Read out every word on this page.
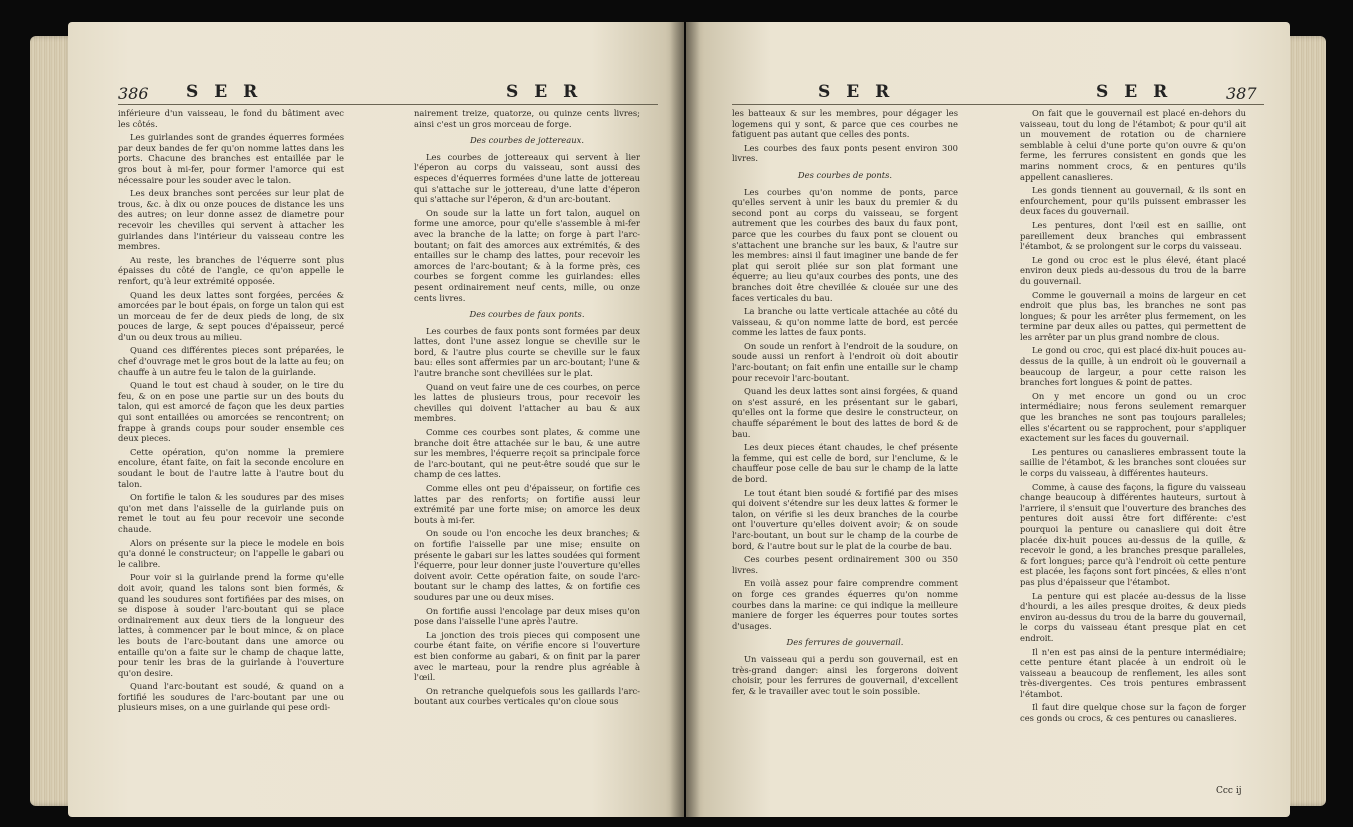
386 S E R	S E R

inférieure d'un vaisseau, le fond du bâtiment avec les côtés.

Les guirlandes sont de grandes équerres formées par deux bandes de fer qu'on nomme lattes dans les ports. Chacune des branches est entaillée par le gros bout à mi-fer, pour former l'amorce qui est nécessaire pour les souder avec le talon.

Les deux branches sont percées sur leur plat de trous, &c. à dix ou onze pouces de distance les uns des autres; on leur donne assez de diametre pour recevoir les chevilles qui servent à attacher les guirlandes dans l'intérieur du vaisseau contre les membres.

Au reste, les branches de l'équerre sont plus épaisses du côté de l'angle, ce qu'on appelle le renfort, qu'à leur extrémité opposée.

Quand les deux lattes sont forgées, percées & amorcées par le bout épais, on forge un talon qui est un morceau de fer de deux pieds de long, de six pouces de large, & sept pouces d'épaisseur, percé d'un ou deux trous au milieu.

Quand ces différentes pieces sont préparées, le chef d'ouvrage met le gros bout de la latte au feu; on chauffe à un autre feu le talon de la guirlande.

Quand le tout est chaud à souder, on le tire du feu, & on en pose une partie sur un des bouts du talon, qui est amorcé de façon que les deux parties qui sont entaillées ou amorcées se rencontrent; on frappe à grands coups pour souder ensemble ces deux pieces.

Cette opération, qu'on nomme la premiere encolure, étant faite, on fait la seconde encolure en soudant le bout de l'autre latte à l'autre bout du talon.

On fortifie le talon & les soudures par des mises qu'on met dans l'aisselle de la guirlande puis on remet le tout au feu pour recevoir une seconde chaude.

Alors on présente sur la piece le modele en bois qu'a donné le constructeur; on l'appelle le gabari ou le calibre.

Pour voir si la guirlande prend la forme qu'elle doit avoir, quand les talons sont bien formés, & quand les soudures sont fortifiées par des mises, on se dispose à souder l'arc-boutant qui se place ordinairement aux deux tiers de la longueur des lattes, à commencer par le bout mince, & on place les bouts de l'arc-boutant dans une amorce ou entaille qu'on a faite sur le champ de chaque latte, pour tenir les bras de la guirlande à l'ouverture qu'on desire.

Quand l'arc-boutant est soudé, & quand on a fortifié les soudures de l'arc-boutant par une ou plusieurs mises, on a une guirlande qui pese ordi-

nairement treize, quatorze, ou quinze cents livres; ainsi c'est un gros morceau de forge.

Des courbes de jottereaux.

Les courbes de jottereaux qui servent à lier l'éperon au corps du vaisseau, sont aussi des especes d'équerres formées d'une latte de jottereau qui s'attache sur le jottereau, d'une latte d'éperon qui s'attache sur l'éperon, & d'un arc-boutant.

On soude sur la latte un fort talon, auquel on forme une amorce, pour qu'elle s'assemble à mi-fer avec la branche de la latte; on forge à part l'arc-boutant; on fait des amorces aux extrémités, & des entailles sur le champ des lattes, pour recevoir les amorces de l'arc-boutant; & à la forme près, ces courbes se forgent comme les guirlandes: elles pesent ordinairement neuf cents, mille, ou onze cents livres.

Des courbes de faux ponts.

Les courbes de faux ponts sont formées par deux lattes, dont l'une assez longue se cheville sur le bord, & l'autre plus courte se cheville sur le faux bau: elles sont affermies par un arc-boutant; l'une & l'autre branche sont chevillées sur le plat.

Quand on veut faire une de ces courbes, on perce les lattes de plusieurs trous, pour recevoir les chevilles qui doivent l'attacher au bau & aux membres.

Comme ces courbes sont plates, & comme une branche doit être attachée sur le bau, & une autre sur les membres, l'équerre reçoit sa principale force de l'arc-boutant, qui ne peut-être soudé que sur le champ de ces lattes.

Comme elles ont peu d'épaisseur, on fortifie ces lattes par des renforts; on fortifie aussi leur extrémité par une forte mise; on amorce les deux bouts à mi-fer.

On soude ou l'on encoche les deux branches; & on fortifie l'aisselle par une mise; ensuite on présente le gabari sur les lattes soudées qui forment l'équerre, pour leur donner juste l'ouverture qu'elles doivent avoir. Cette opération faite, on soude l'arc-boutant sur le champ des lattes, & on fortifie ces soudures par une ou deux mises.

On fortifie aussi l'encolage par deux mises qu'on pose dans l'aisselle l'une après l'autre.

La jonction des trois pieces qui composent une courbe étant faite, on vérifie encore si l'ouverture est bien conforme au gabari, & on finit par la parer avec le marteau, pour la rendre plus agréable à l'œil.

On retranche quelquefois sous les gaillards l'arc-boutant aux courbes verticales qu'on cloue sous

S E R	S E R	387

les batteaux & sur les membres, pour dégager les logemens qui y sont, & parce que ces courbes ne fatiguent pas autant que celles des ponts.

Les courbes des faux ponts pesent environ 300 livres.

Des courbes de ponts.

Les courbes qu'on nomme de ponts, parce qu'elles servent à unir les baux du premier & du second pont au corps du vaisseau, se forgent autrement que les courbes des baux du faux pont, parce que les courbes du faux pont se clouent ou s'attachent une branche sur les baux, & l'autre sur les membres: ainsi il faut imaginer une bande de fer plat qui seroit pliée sur son plat formant une équerre; au lieu qu'aux courbes des ponts, une des branches doit être chevillée & clouée sur une des faces verticales du bau.

La branche ou latte verticale attachée au côté du vaisseau, & qu'on nomme latte de bord, est percée comme les lattes de faux ponts.

On soude un renfort à l'endroit de la soudure, on soude aussi un renfort à l'endroit où doit aboutir l'arc-boutant; on fait enfin une entaille sur le champ pour recevoir l'arc-boutant.

Quand les deux lattes sont ainsi forgées, & quand on s'est assuré, en les présentant sur le gabari, qu'elles ont la forme que desire le constructeur, on chauffe séparément le bout des lattes de bord & de bau.

Les deux pieces étant chaudes, le chef présente la femme, qui est celle de bord, sur l'enclume, & le chauffeur pose celle de bau sur le champ de la latte de bord.

Le tout étant bien soudé & fortifié par des mises qui doivent s'étendre sur les deux lattes & former le talon, on vérifie si les deux branches de la courbe ont l'ouverture qu'elles doivent avoir; & on soude l'arc-boutant, un bout sur le champ de la courbe de bord, & l'autre bout sur le plat de la courbe de bau.

Ces courbes pesent ordinairement 300 ou 350 livres.

En voilà assez pour faire comprendre comment on forge ces grandes équerres qu'on nomme courbes dans la marine: ce qui indique la meilleure maniere de forger les équerres pour toutes sortes d'usages.

Des ferrures de gouvernail.

Un vaisseau qui a perdu son gouvernail, est en très-grand danger: ainsi les forgerons doivent choisir, pour les ferrures de gouvernail, d'excellent fer, & le travailler avec tout le soin possible.

On fait que le gouvernail est placé en-dehors du vaisseau, tout du long de l'étambot; & pour qu'il ait un mouvement de rotation ou de charniere semblable à celui d'une porte qu'on ouvre & qu'on ferme, les ferrures consistent en gonds que les marins nomment crocs, & en pentures qu'ils appellent canaslieres.

Les gonds tiennent au gouvernail, & ils sont en enfourchement, pour qu'ils puissent embrasser les deux faces du gouvernail.

Les pentures, dont l'œil est en saillie, ont pareillement deux branches qui embrassent l'étambot, & se prolongent sur le corps du vaisseau.

Le gond ou croc est le plus élevé, étant placé environ deux pieds au-dessous du trou de la barre du gouvernail.

Comme le gouvernail a moins de largeur en cet endroit que plus bas, les branches ne sont pas longues; & pour les arrêter plus fermement, on les termine par deux ailes ou pattes, qui permettent de les arrêter par un plus grand nombre de clous.

Le gond ou croc, qui est placé dix-huit pouces au-dessus de la quille, à un endroit où le gouvernail a beaucoup de largeur, a pour cette raison les branches fort longues & point de pattes.

On y met encore un gond ou un croc intermédiaire; nous ferons seulement remarquer que les branches ne sont pas toujours paralleles; elles s'écartent ou se rapprochent, pour s'appliquer exactement sur les faces du gouvernail.

Les pentures ou canaslieres embrassent toute la saillie de l'étambot, & les branches sont clouées sur le corps du vaisseau, à différentes hauteurs.

Comme, à cause des façons, la figure du vaisseau change beaucoup à différentes hauteurs, surtout à l'arriere, il s'ensuit que l'ouverture des branches des pentures doit aussi être fort différente: c'est pourquoi la penture ou canasliere qui doit être placée dix-huit pouces au-dessus de la quille, & recevoir le gond, a les branches presque paralleles, & fort longues; parce qu'à l'endroit où cette penture est placée, les façons sont fort pincées, & elles n'ont pas plus d'épaisseur que l'étambot.

La penture qui est placée au-dessus de la lisse d'hourdi, a les ailes presque droites, & deux pieds environ au-dessus du trou de la barre du gouvernail, le corps du vaisseau étant presque plat en cet endroit.

Il n'en est pas ainsi de la penture intermédiaire; cette penture étant placée à un endroit où le vaisseau a beaucoup de renflement, les ailes sont très-divergentes. Ces trois pentures embrassent l'étambot.

Il faut dire quelque chose sur la façon de forger ces gonds ou crocs, & ces pentures ou canaslieres.

Ccc ij
